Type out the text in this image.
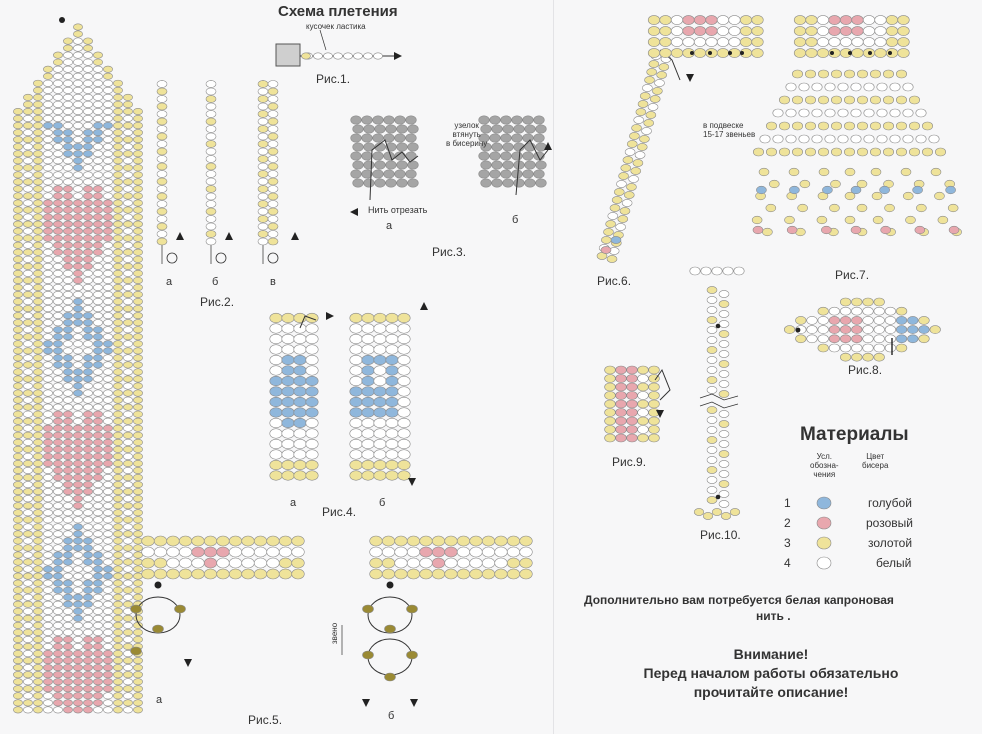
Схема плетения
кусочек ластика
Рис.1.
а	б	в
Рис.2.
узелок
втянуть
в бисерину
Нить отрезать
а	б
Рис.3.
а	б
Рис.4.
а
б
Рис.5.
звено
Рис.6.
в подвеске
15-17 звеньев
Рис.7.
Рис.8.
Рис.9.
Рис.10.
Материалы
Усл.
обозна-
чения
Цвет
бисера
1	голубой
2	розовый
3	золотой
4	белый
Дополнительно вам потребуется белая капроновая
нить .
Внимание!
Перед началом работы обязательно
прочитайте описание!
